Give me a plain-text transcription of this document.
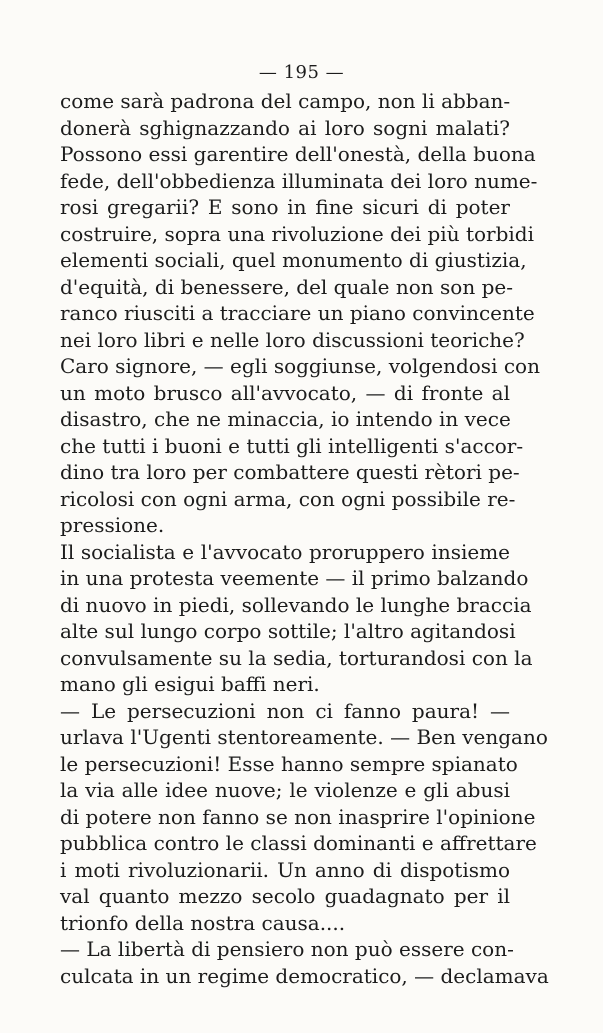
— 195 —
come sarà padrona del campo, non li abban-
donerà sghignazzando ai loro sogni malati?
Possono essi garentire dell'onestà, della buona
fede, dell'obbedienza illuminata dei loro nume-
rosi gregarii? E sono in fine sicuri di poter
costruire, sopra una rivoluzione dei più torbidi
elementi sociali, quel monumento di giustizia,
d'equità, di benessere, del quale non son pe-
ranco riusciti a tracciare un piano convincente
nei loro libri e nelle loro discussioni teoriche?
Caro signore, — egli soggiunse, volgendosi con
un moto brusco all'avvocato, — di fronte al
disastro, che ne minaccia, io intendo in vece
che tutti i buoni e tutti gli intelligenti s'accor-
dino tra loro per combattere questi rètori pe-
ricolosi con ogni arma, con ogni possibile re-
pressione.
Il socialista e l'avvocato proruppero insieme
in una protesta veemente — il primo balzando
di nuovo in piedi, sollevando le lunghe braccia
alte sul lungo corpo sottile; l'altro agitandosi
convulsamente su la sedia, torturandosi con la
mano gli esigui baffi neri.
— Le persecuzioni non ci fanno paura! —
urlava l'Ugenti stentoreamente. — Ben vengano
le persecuzioni! Esse hanno sempre spianato
la via alle idee nuove; le violenze e gli abusi
di potere non fanno se non inasprire l'opinione
pubblica contro le classi dominanti e affrettare
i moti rivoluzionarii. Un anno di dispotismo
val quanto mezzo secolo guadagnato per il
trionfo della nostra causa....
— La libertà di pensiero non può essere con-
culcata in un regime democratico, — declamava
